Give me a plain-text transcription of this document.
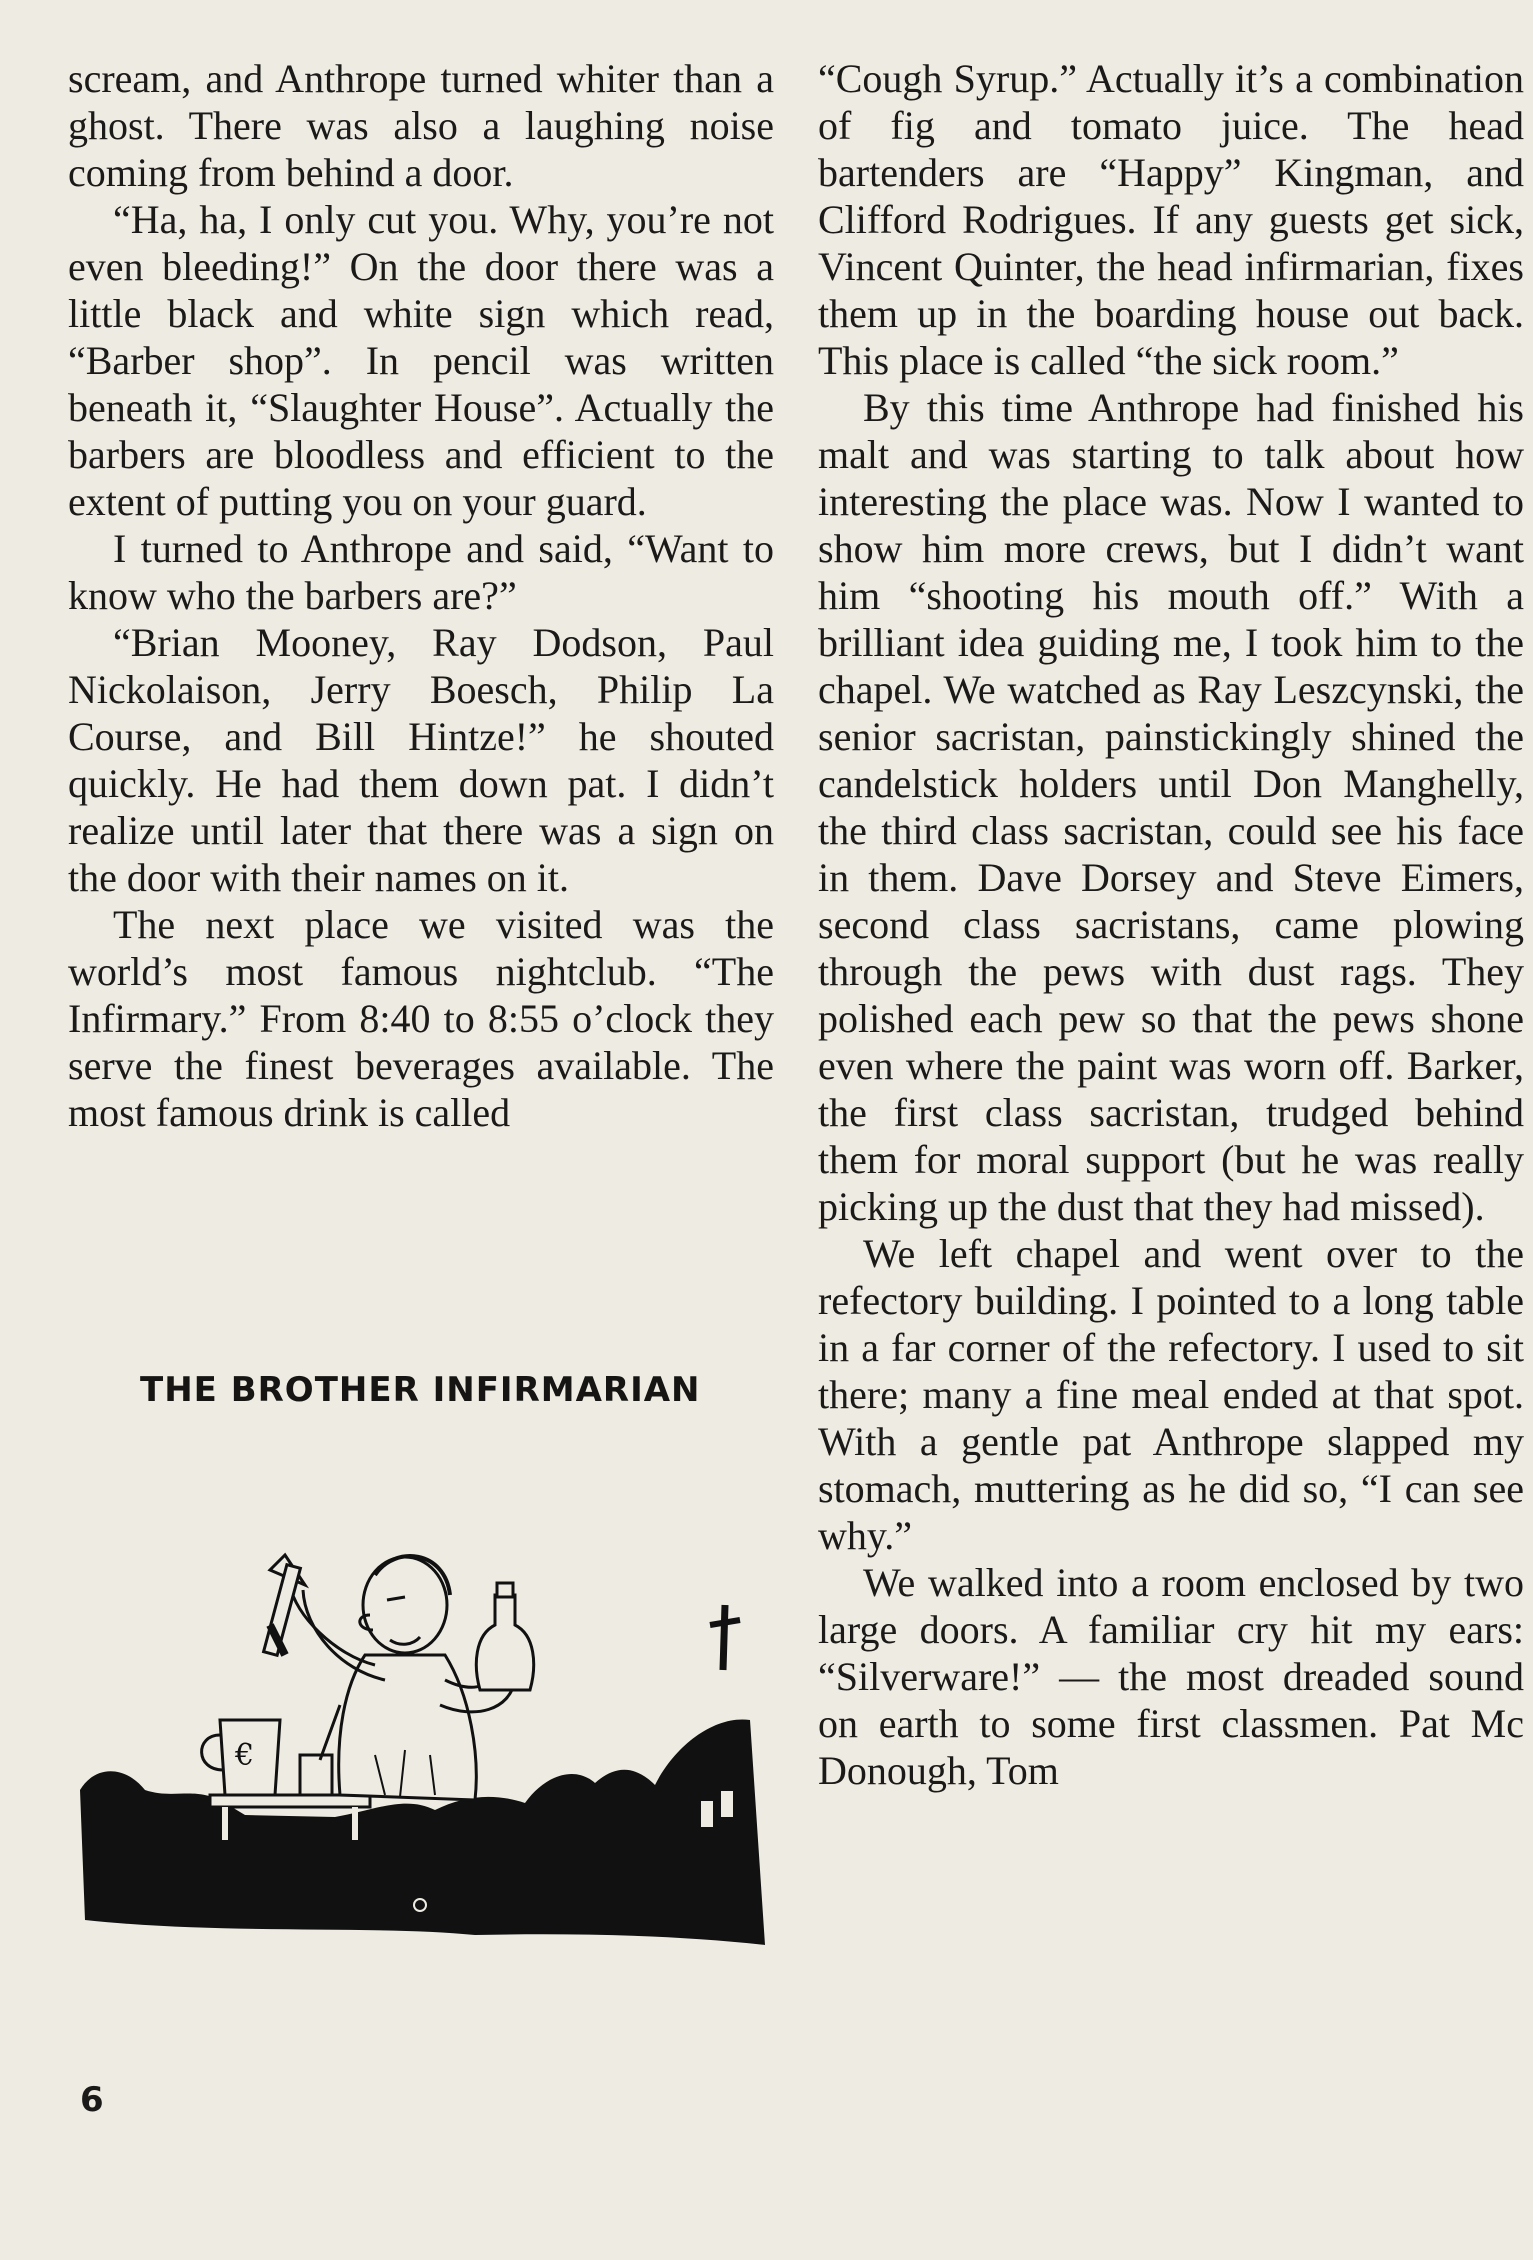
scream, and Anthrope turned whiter than a ghost. There was also a laughing noise coming from behind a door.

“Ha, ha, I only cut you. Why, you’re not even bleeding!” On the door there was a little black and white sign which read, “Barber shop”. In pencil was written beneath it, “Slaughter House”. Actually the barbers are bloodless and efficient to the extent of putting you on your guard.

I turned to Anthrope and said, “Want to know who the barbers are?”

“Brian Mooney, Ray Dodson, Paul Nickolaison, Jerry Boesch, Philip La Course, and Bill Hintze!” he shouted quickly. He had them down pat. I didn’t realize until later that there was a sign on the door with their names on it.

The next place we visited was the world’s most famous nightclub. “The Infirmary.” From 8:40 to 8:55 o’clock they serve the finest beverages available. The most famous drink is called

THE BROTHER INFIRMARIAN
€

“Cough Syrup.” Actually it’s a combination of fig and tomato juice. The head bartenders are “Happy” Kingman, and Clifford Rodrigues. If any guests get sick, Vincent Quinter, the head infirmarian, fixes them up in the boarding house out back. This place is called “the sick room.”

By this time Anthrope had finished his malt and was starting to talk about how interesting the place was. Now I wanted to show him more crews, but I didn’t want him “shooting his mouth off.” With a brilliant idea guiding me, I took him to the chapel. We watched as Ray Leszcynski, the senior sacristan, painstickingly shined the candelstick holders until Don Manghelly, the third class sacristan, could see his face in them. Dave Dorsey and Steve Eimers, second class sacristans, came plowing through the pews with dust rags. They polished each pew so that the pews shone even where the paint was worn off. Barker, the first class sacristan, trudged behind them for moral support (but he was really picking up the dust that they had missed).

We left chapel and went over to the refectory building. I pointed to a long table in a far corner of the refectory. I used to sit there; many a fine meal ended at that spot. With a gentle pat Anthrope slapped my stomach, muttering as he did so, “I can see why.”

We walked into a room enclosed by two large doors. A familiar cry hit my ears: “Silverware!” — the most dreaded sound on earth to some first classmen. Pat Mc Donough, Tom

6
